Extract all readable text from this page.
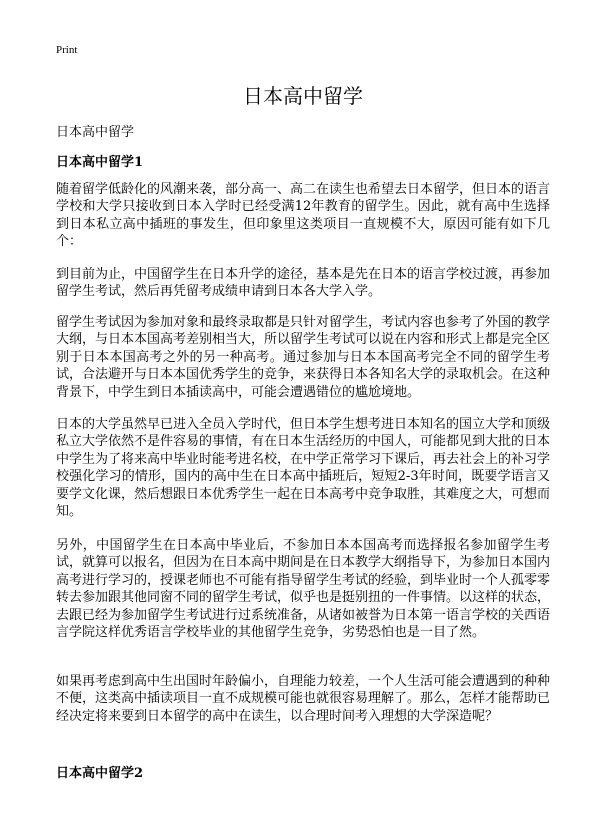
Print
日本高中留学
日本高中留学
日本高中留学1

随着留学低龄化的风潮来袭，部分高一、高二在读生也希望去日本留学，但日本的语言学校和大学只接收到日本入学时已经受满12年教育的留学生。因此，就有高中生选择到日本私立高中插班的事发生，但印象里这类项目一直规模不大，原因可能有如下几个：

到目前为止，中国留学生在日本升学的途径，基本是先在日本的语言学校过渡，再参加留学生考试，然后再凭留考成绩申请到日本各大学入学。

留学生考试因为参加对象和最终录取都是只针对留学生，考试内容也参考了外国的教学大纲，与日本本国高考差别相当大，所以留学生考试可以说在内容和形式上都是完全区别于日本本国高考之外的另一种高考。通过参加与日本本国高考完全不同的留学生考试，合法避开与日本本国优秀学生的竞争，来获得日本各知名大学的录取机会。在这种背景下，中学生到日本插读高中，可能会遭遇错位的尴尬境地。

日本的大学虽然早已进入全员入学时代，但日本学生想考进日本知名的国立大学和顶级私立大学依然不是件容易的事情，有在日本生活经历的中国人，可能都见到大批的日本中学生为了将来高中毕业时能考进名校，在中学正常学习下课后，再去社会上的补习学校强化学习的情形，国内的高中生在日本高中插班后，短短2-3年时间，既要学语言又要学文化课，然后想跟日本优秀学生一起在日本高考中竞争取胜，其难度之大，可想而知。

另外，中国留学生在日本高中毕业后，不参加日本本国高考而选择报名参加留学生考试，就算可以报名，但因为在日本高中期间是在日本教学大纲指导下，为参加日本国内高考进行学习的，授课老师也不可能有指导留学生考试的经验，到毕业时一个人孤零零转去参加跟其他同窗不同的留学生考试，似乎也是挺别扭的一件事情。以这样的状态，去跟已经为参加留学生考试进行过系统准备，从诸如被誉为日本第一语言学校的关西语言学院这样优秀语言学校毕业的其他留学生竞争，劣势恐怕也是一目了然。

如果再考虑到高中生出国时年龄偏小，自理能力较差，一个人生活可能会遭遇到的种种不便，这类高中插读项目一直不成规模可能也就很容易理解了。那么，怎样才能帮助已经决定将来要到日本留学的高中在读生，以合理时间考入理想的大学深造呢？

日本高中留学2
